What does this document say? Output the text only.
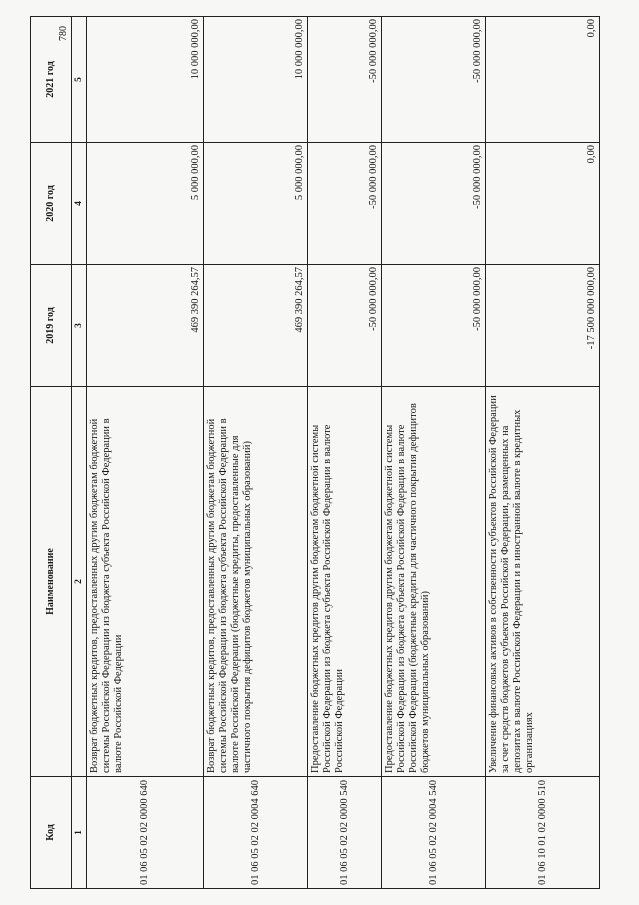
Код	Наименование	2019 год	2020 год	2021 год
1	2	3	4	5
01 06 05 02 02 0000 640	Возврат бюджетных кредитов, предоставленных другим бюджетам бюджетной системы Российской Федерации из бюджета субъекта Российской Федерации в валюте Российской Федерации	469 390 264,57	5 000 000,00	10 000 000,00
01 06 05 02 02 0004 640	Возврат бюджетных кредитов, предоставленных другим бюджетам бюджетной системы Российской Федерации из бюджета субъекта Российской Федерации в валюте Российской Федерации (бюджетные кредиты, предоставленные для частичного покрытия дефицитов бюджетов муниципальных образований)	469 390 264,57	5 000 000,00	10 000 000,00
01 06 05 02 02 0000 540	Предоставление бюджетных кредитов другим бюджетам бюджетной системы Российской Федерации из бюджета субъекта Российской Федерации в валюте Российской Федерации	-50 000 000,00	-50 000 000,00	-50 000 000,00
01 06 05 02 02 0004 540	Предоставление бюджетных кредитов другим бюджетам бюджетной системы Российской Федерации из бюджета субъекта Российской Федерации в валюте Российской Федерации (бюджетные кредиты для частичного покрытия дефицитов бюджетов муниципальных образований)	-50 000 000,00	-50 000 000,00	-50 000 000,00
01 06 10 01 02 0000 510	Увеличение финансовых активов в собственности субъектов Российской Федерации за счет средств бюджетов субъектов Российской Федерации, размещенных на депозитах в валюте Российской Федерации и в иностранной валюте в кредитных организациях	-17 500 000 000,00	0,00	0,00
780
